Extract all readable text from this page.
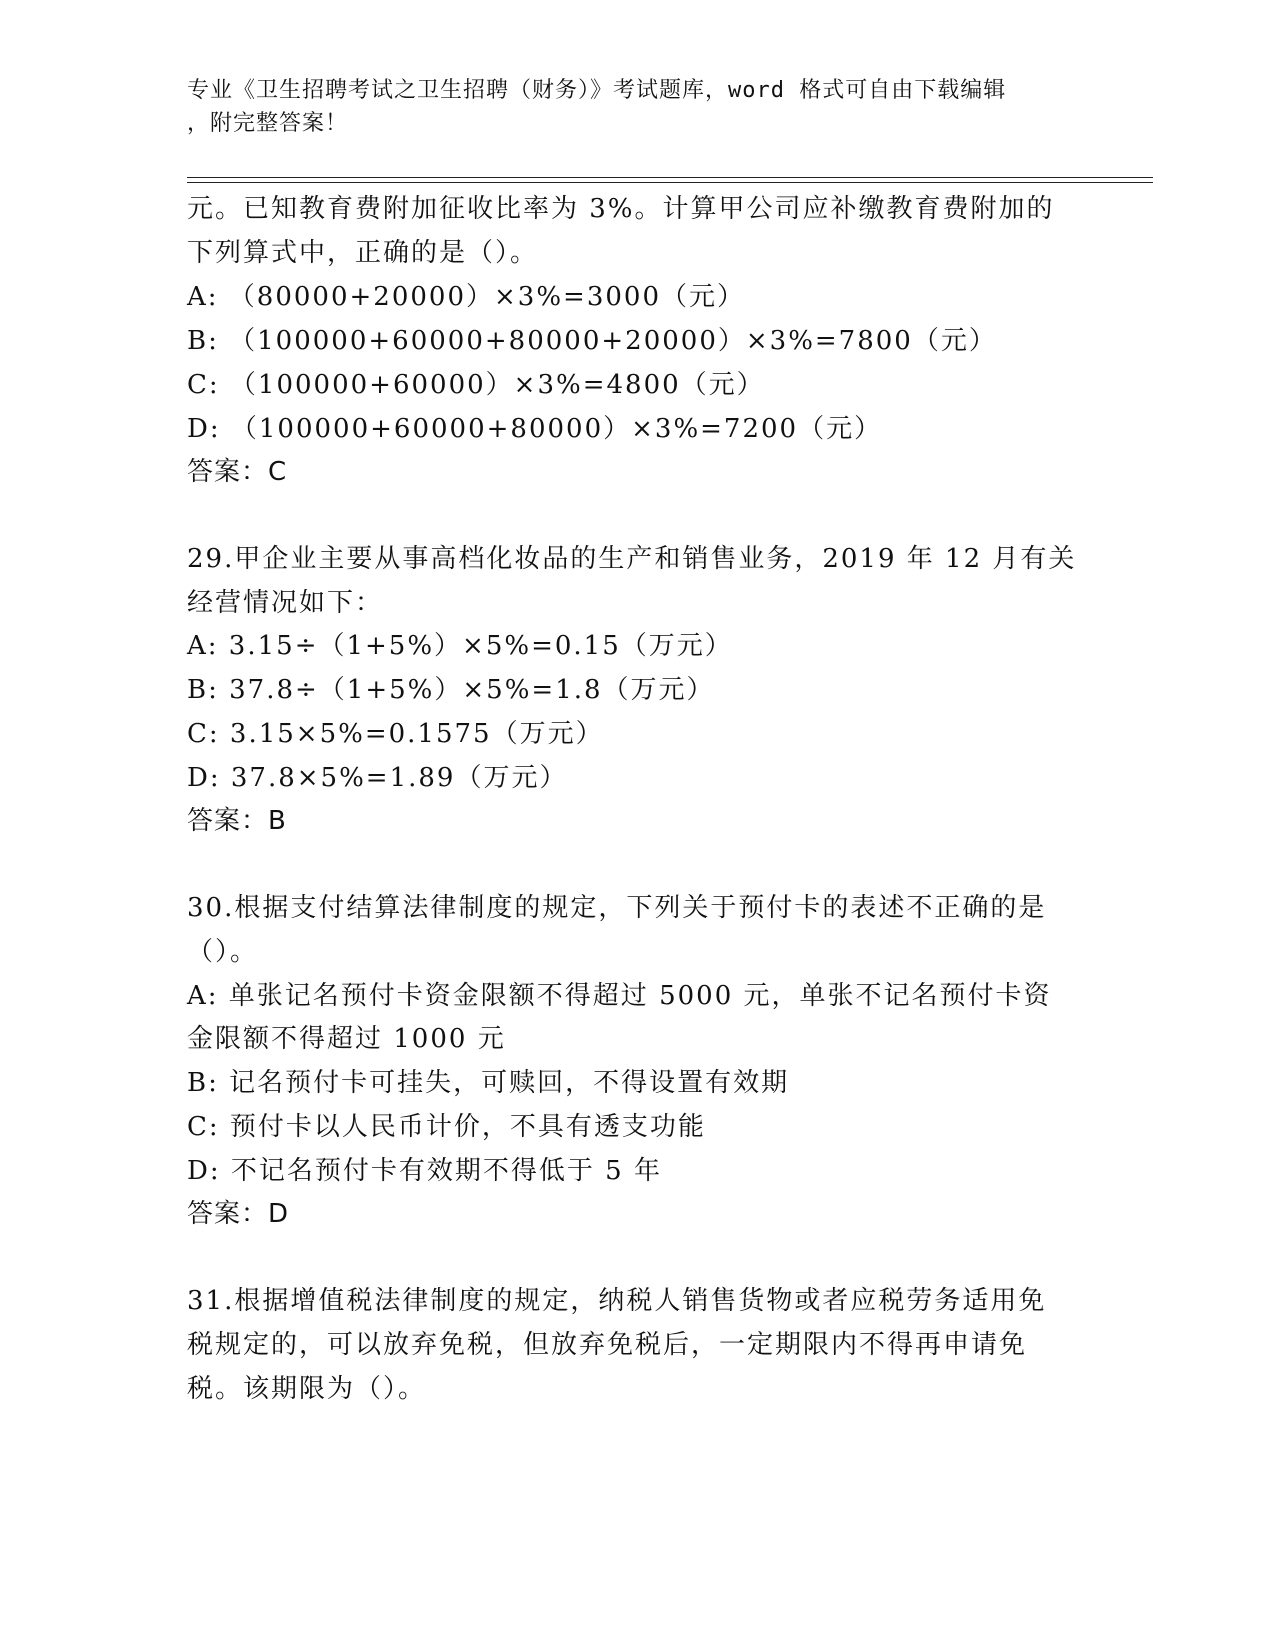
专业《卫生招聘考试之卫生招聘（财务）》考试题库，word 格式可自由下载编辑
，附完整答案！
元。已知教育费附加征收比率为 3%。计算甲公司应补缴教育费附加的
下列算式中，正确的是（）。
A: （80000+20000）×3%=3000（元）
B: （100000+60000+80000+20000）×3%=7800（元）
C: （100000+60000）×3%=4800（元）
D: （100000+60000+80000）×3%=7200（元）
答案：C
29.甲企业主要从事高档化妆品的生产和销售业务，2019 年 12 月有关
经营情况如下：
A: 3.15÷（1+5%）×5%=0.15（万元）
B: 37.8÷（1+5%）×5%=1.8（万元）
C: 3.15×5%=0.1575（万元）
D: 37.8×5%=1.89（万元）
答案：B
30.根据支付结算法律制度的规定，下列关于预付卡的表述不正确的是
（）。
A: 单张记名预付卡资金限额不得超过 5000 元，单张不记名预付卡资
金限额不得超过 1000 元
B: 记名预付卡可挂失，可赎回，不得设置有效期
C: 预付卡以人民币计价，不具有透支功能
D: 不记名预付卡有效期不得低于 5 年
答案：D
31.根据增值税法律制度的规定，纳税人销售货物或者应税劳务适用免
税规定的，可以放弃免税，但放弃免税后，一定期限内不得再申请免
税。该期限为（）。
